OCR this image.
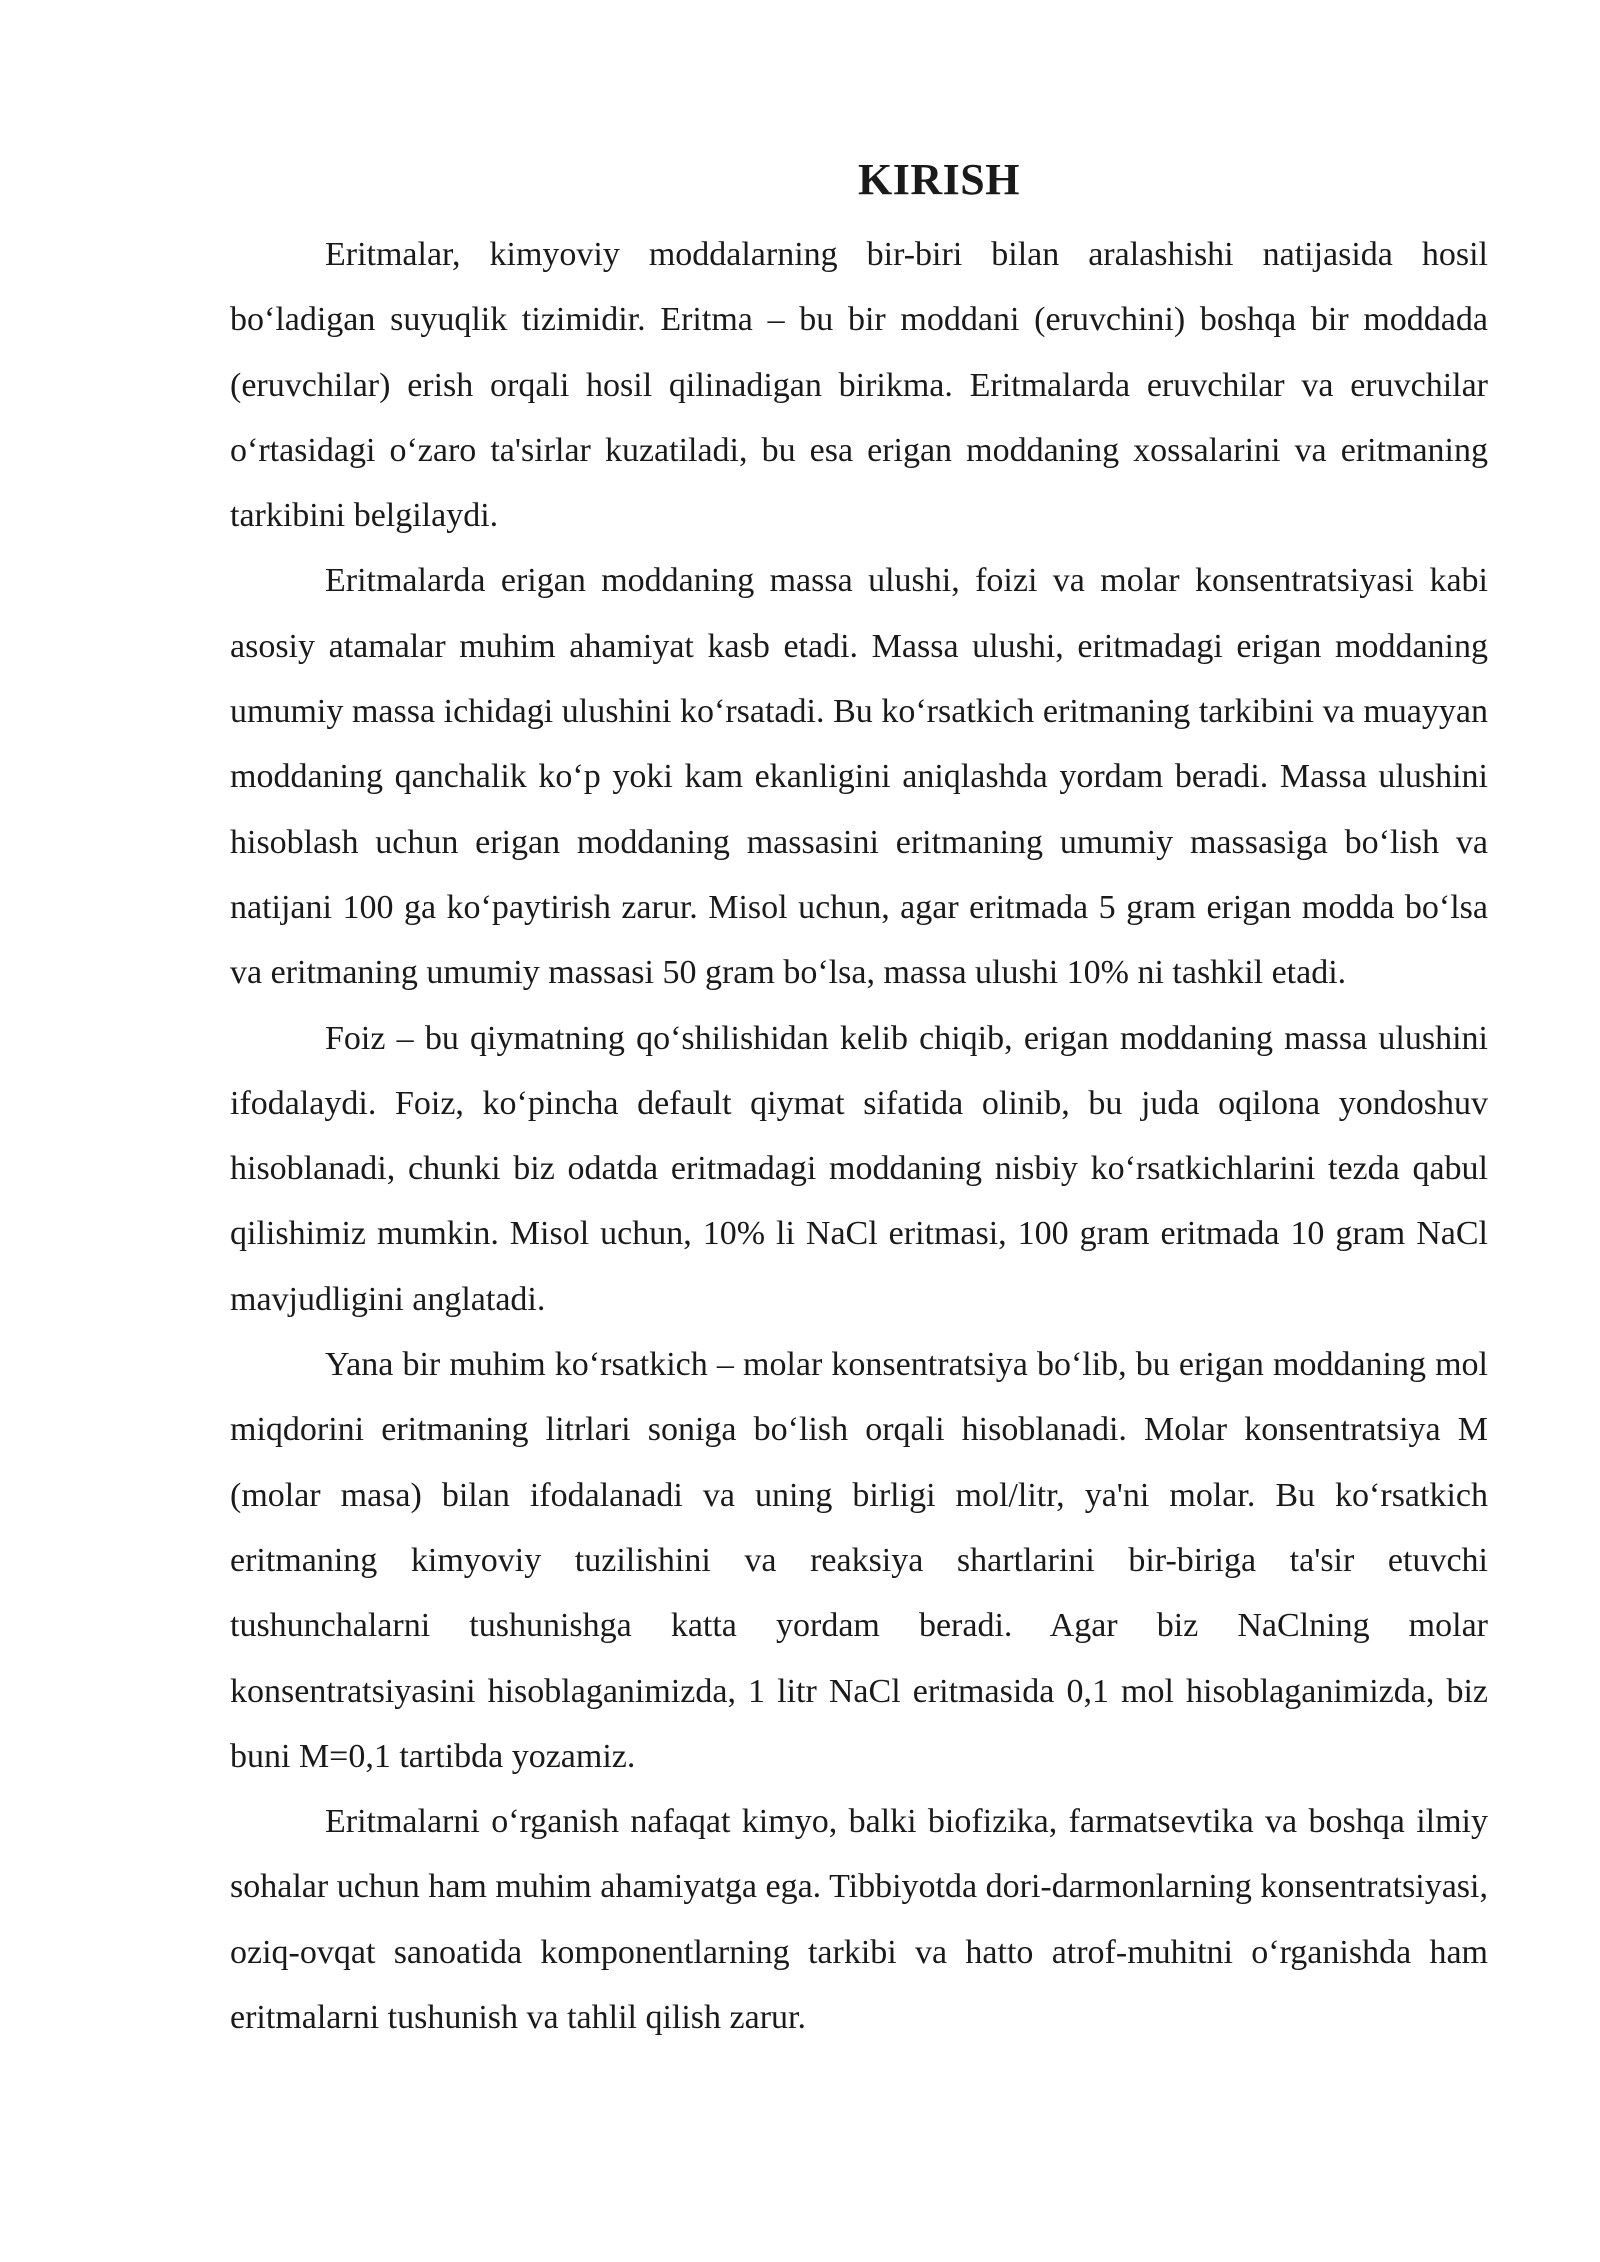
KIRISH

Eritmalar, kimyoviy moddalarning bir-biri bilan aralashishi natijasida hosil bo‘ladigan suyuqlik tizimidir. Eritma – bu bir moddani (eruvchini) boshqa bir moddada (eruvchilar) erish orqali hosil qilinadigan birikma. Eritmalarda eruvchilar va eruvchilar o‘rtasidagi o‘zaro ta'sirlar kuzatiladi, bu esa erigan moddaning xossalarini va eritmaning tarkibini belgilaydi.

Eritmalarda erigan moddaning massa ulushi, foizi va molar konsentratsiyasi kabi asosiy atamalar muhim ahamiyat kasb etadi. Massa ulushi, eritmadagi erigan moddaning umumiy massa ichidagi ulushini ko‘rsatadi. Bu ko‘rsatkich eritmaning tarkibini va muayyan moddaning qanchalik ko‘p yoki kam ekanligini aniqlashda yordam beradi. Massa ulushini hisoblash uchun erigan moddaning massasini eritmaning umumiy massasiga bo‘lish va natijani 100 ga ko‘paytirish zarur. Misol uchun, agar eritmada 5 gram erigan modda bo‘lsa va eritmaning umumiy massasi 50 gram bo‘lsa, massa ulushi 10% ni tashkil etadi.

Foiz – bu qiymatning qo‘shilishidan kelib chiqib, erigan moddaning massa ulushini ifodalaydi. Foiz, ko‘pincha default qiymat sifatida olinib, bu juda oqilona yondoshuv hisoblanadi, chunki biz odatda eritmadagi moddaning nisbiy ko‘rsatkichlarini tezda qabul qilishimiz mumkin. Misol uchun, 10% li NaCl eritmasi, 100 gram eritmada 10 gram NaCl mavjudligini anglatadi.

Yana bir muhim ko‘rsatkich – molar konsentratsiya bo‘lib, bu erigan moddaning mol miqdorini eritmaning litrlari soniga bo‘lish orqali hisoblanadi. Molar konsentratsiya M (molar masa) bilan ifodalanadi va uning birligi mol/litr, ya'ni molar. Bu ko‘rsatkich eritmaning kimyoviy tuzilishini va reaksiya shartlarini bir-biriga ta'sir etuvchi tushunchalarni tushunishga katta yordam beradi. Agar biz NaClning molar konsentratsiyasini hisoblaganimizda, 1 litr NaCl eritmasida 0,1 mol hisoblaganimizda, biz buni M=0,1 tartibda yozamiz.

Eritmalarni o‘rganish nafaqat kimyo, balki biofizika, farmatsevtika va boshqa ilmiy sohalar uchun ham muhim ahamiyatga ega. Tibbiyotda dori-darmonlarning konsentratsiyasi, oziq-ovqat sanoatida komponentlarning tarkibi va hatto atrof-muhitni o‘rganishda ham eritmalarni tushunish va tahlil qilish zarur.
